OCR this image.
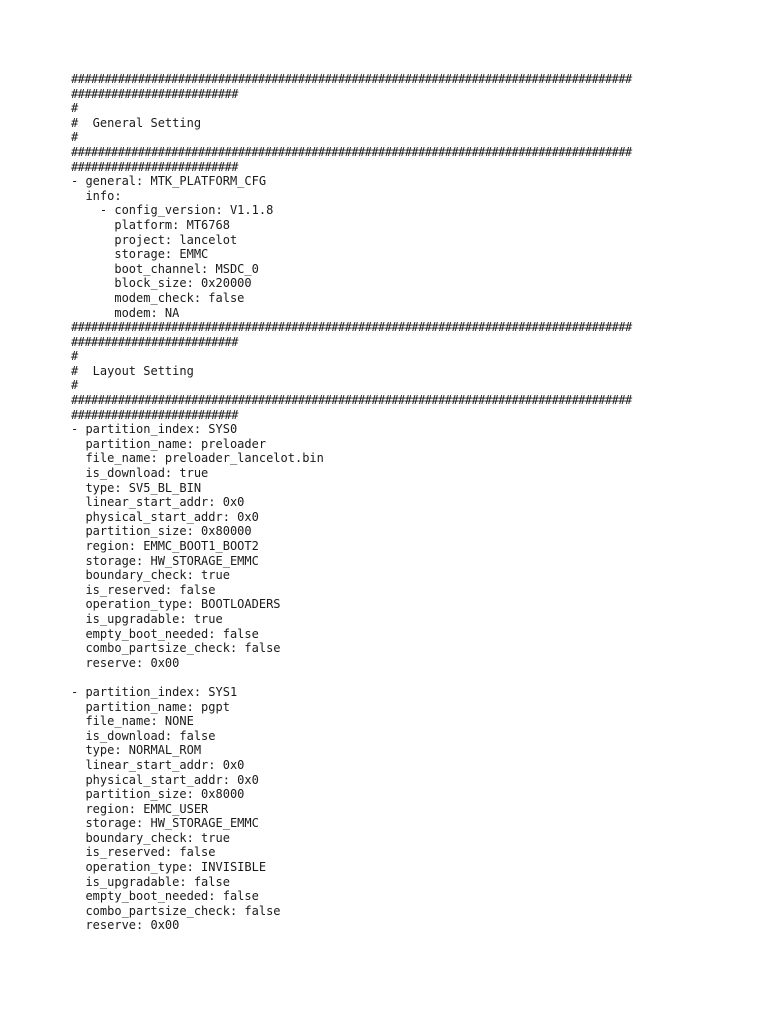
####################################################################################
#########################
#
#  General Setting
#
####################################################################################
#########################
- general: MTK_PLATFORM_CFG
info:
- config_version: V1.1.8
platform: MT6768
project: lancelot
storage: EMMC
boot_channel: MSDC_0
block_size: 0x20000
modem_check: false
modem: NA
####################################################################################
#########################
#
#  Layout Setting
#
####################################################################################
#########################
- partition_index: SYS0
partition_name: preloader
file_name: preloader_lancelot.bin
is_download: true
type: SV5_BL_BIN
linear_start_addr: 0x0
physical_start_addr: 0x0
partition_size: 0x80000
region: EMMC_BOOT1_BOOT2
storage: HW_STORAGE_EMMC
boundary_check: true
is_reserved: false
operation_type: BOOTLOADERS
is_upgradable: true
empty_boot_needed: false
combo_partsize_check: false
reserve: 0x00
- partition_index: SYS1
partition_name: pgpt
file_name: NONE
is_download: false
type: NORMAL_ROM
linear_start_addr: 0x0
physical_start_addr: 0x0
partition_size: 0x8000
region: EMMC_USER
storage: HW_STORAGE_EMMC
boundary_check: true
is_reserved: false
operation_type: INVISIBLE
is_upgradable: false
empty_boot_needed: false
combo_partsize_check: false
reserve: 0x00
